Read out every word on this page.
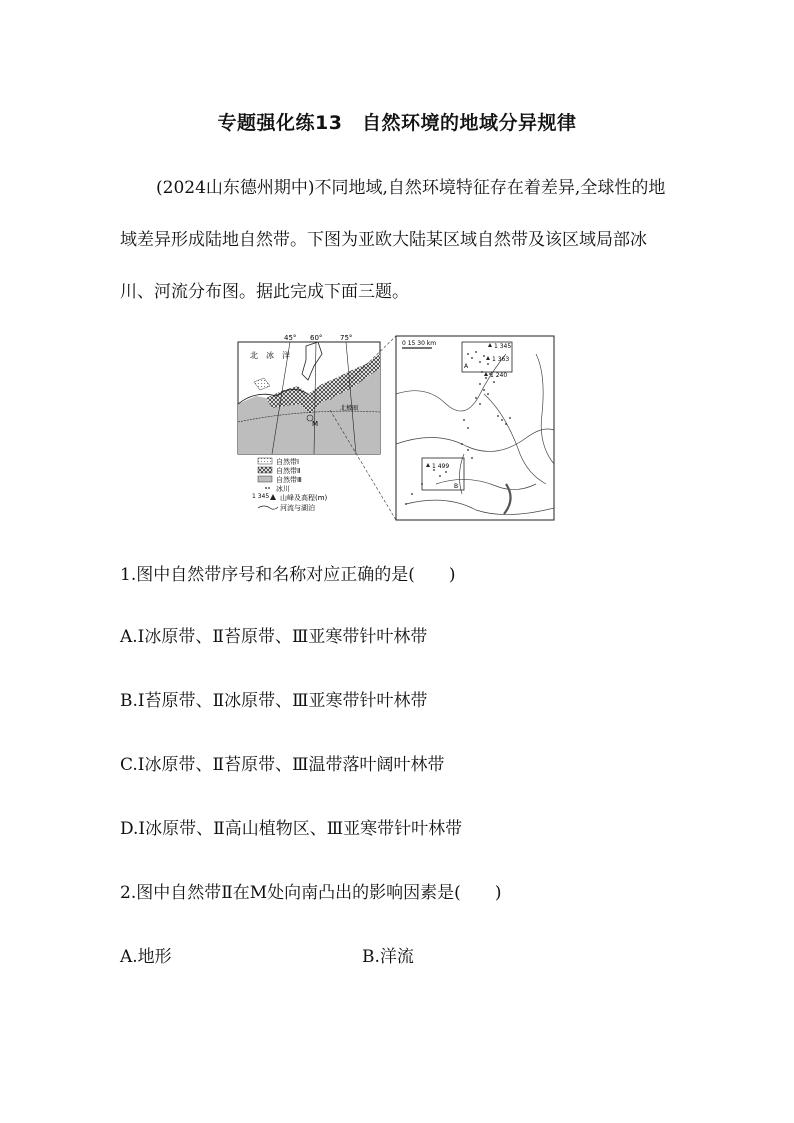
专题强化练13　自然环境的地域分异规律
(2024山东德州期中)不同地域,自然环境特征存在着差异,全球性的地域差异形成陆地自然带。下图为亚欧大陆某区域自然带及该区域局部冰川、河流分布图。据此完成下面三题。
45° 60°	75°
北　冰　洋
北极圈
M
自然带Ⅰ
自然带Ⅱ
自然带Ⅲ
冰川
1 345 山峰及高程(m)
河流与湖泊
0 15 30 km
A
B
1 345
1 363
1 240
1 499
1.图中自然带序号和名称对应正确的是(　　)
A.Ⅰ冰原带、Ⅱ苔原带、Ⅲ亚寒带针叶林带
B.Ⅰ苔原带、Ⅱ冰原带、Ⅲ亚寒带针叶林带
C.Ⅰ冰原带、Ⅱ苔原带、Ⅲ温带落叶阔叶林带
D.Ⅰ冰原带、Ⅱ高山植物区、Ⅲ亚寒带针叶林带
2.图中自然带Ⅱ在M处向南凸出的影响因素是(　　)
A.地形	B.洋流
